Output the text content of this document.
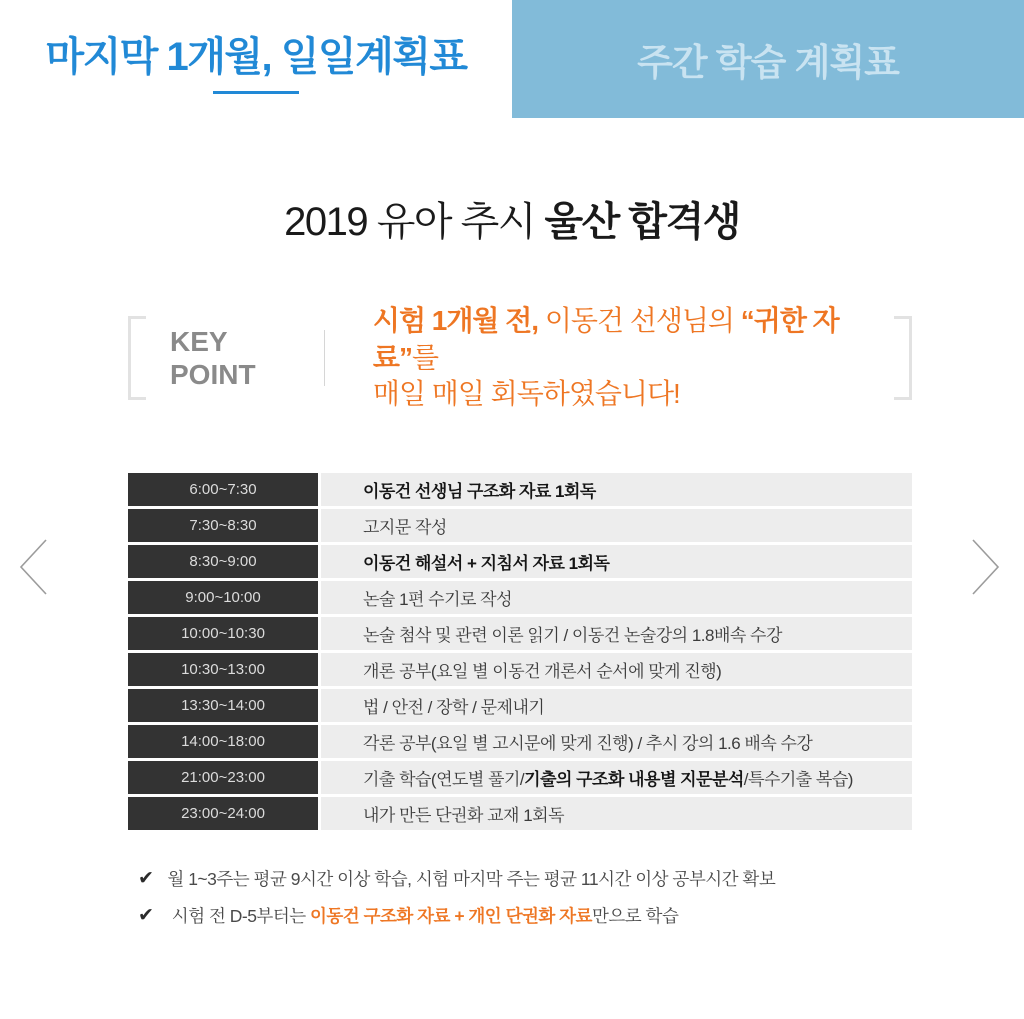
마지막 1개월, 일일계획표	주간 학습 계획표
2019 유아 추시 울산 합격생
KEY
POINT
시험 1개월 전, 이동건 선생님의 “귀한 자료”를
매일 매일 회독하였습니다!
6:00~7:30	이동건 선생님 구조화 자료 1회독
7:30~8:30	고지문 작성
8:30~9:00	이동건 해설서 + 지침서 자료 1회독
9:00~10:00	논술 1편 수기로 작성
10:00~10:30	논술 첨삭 및 관련 이론 읽기 / 이동건 논술강의 1.8배속 수강
10:30~13:00	개론 공부(요일 별 이동건 개론서 순서에 맞게 진행)
13:30~14:00	법 / 안전 / 장학 / 문제내기
14:00~18:00	각론 공부(요일 별 고시문에 맞게 진행) / 추시 강의 1.6 배속 수강
21:00~23:00	기출 학습(연도별 풀기/ 기출의 구조화 내용별 지문분석 /특수기출 복습)
23:00~24:00	내가 만든 단권화 교재 1회독
✔ 월 1~3주는 평균 9시간 이상 학습, 시험 마지막 주는 평균 11시간 이상 공부시간 확보
✔ 시험 전 D-5부터는 이동건 구조화 자료 + 개인 단권화 자료만으로 학습
